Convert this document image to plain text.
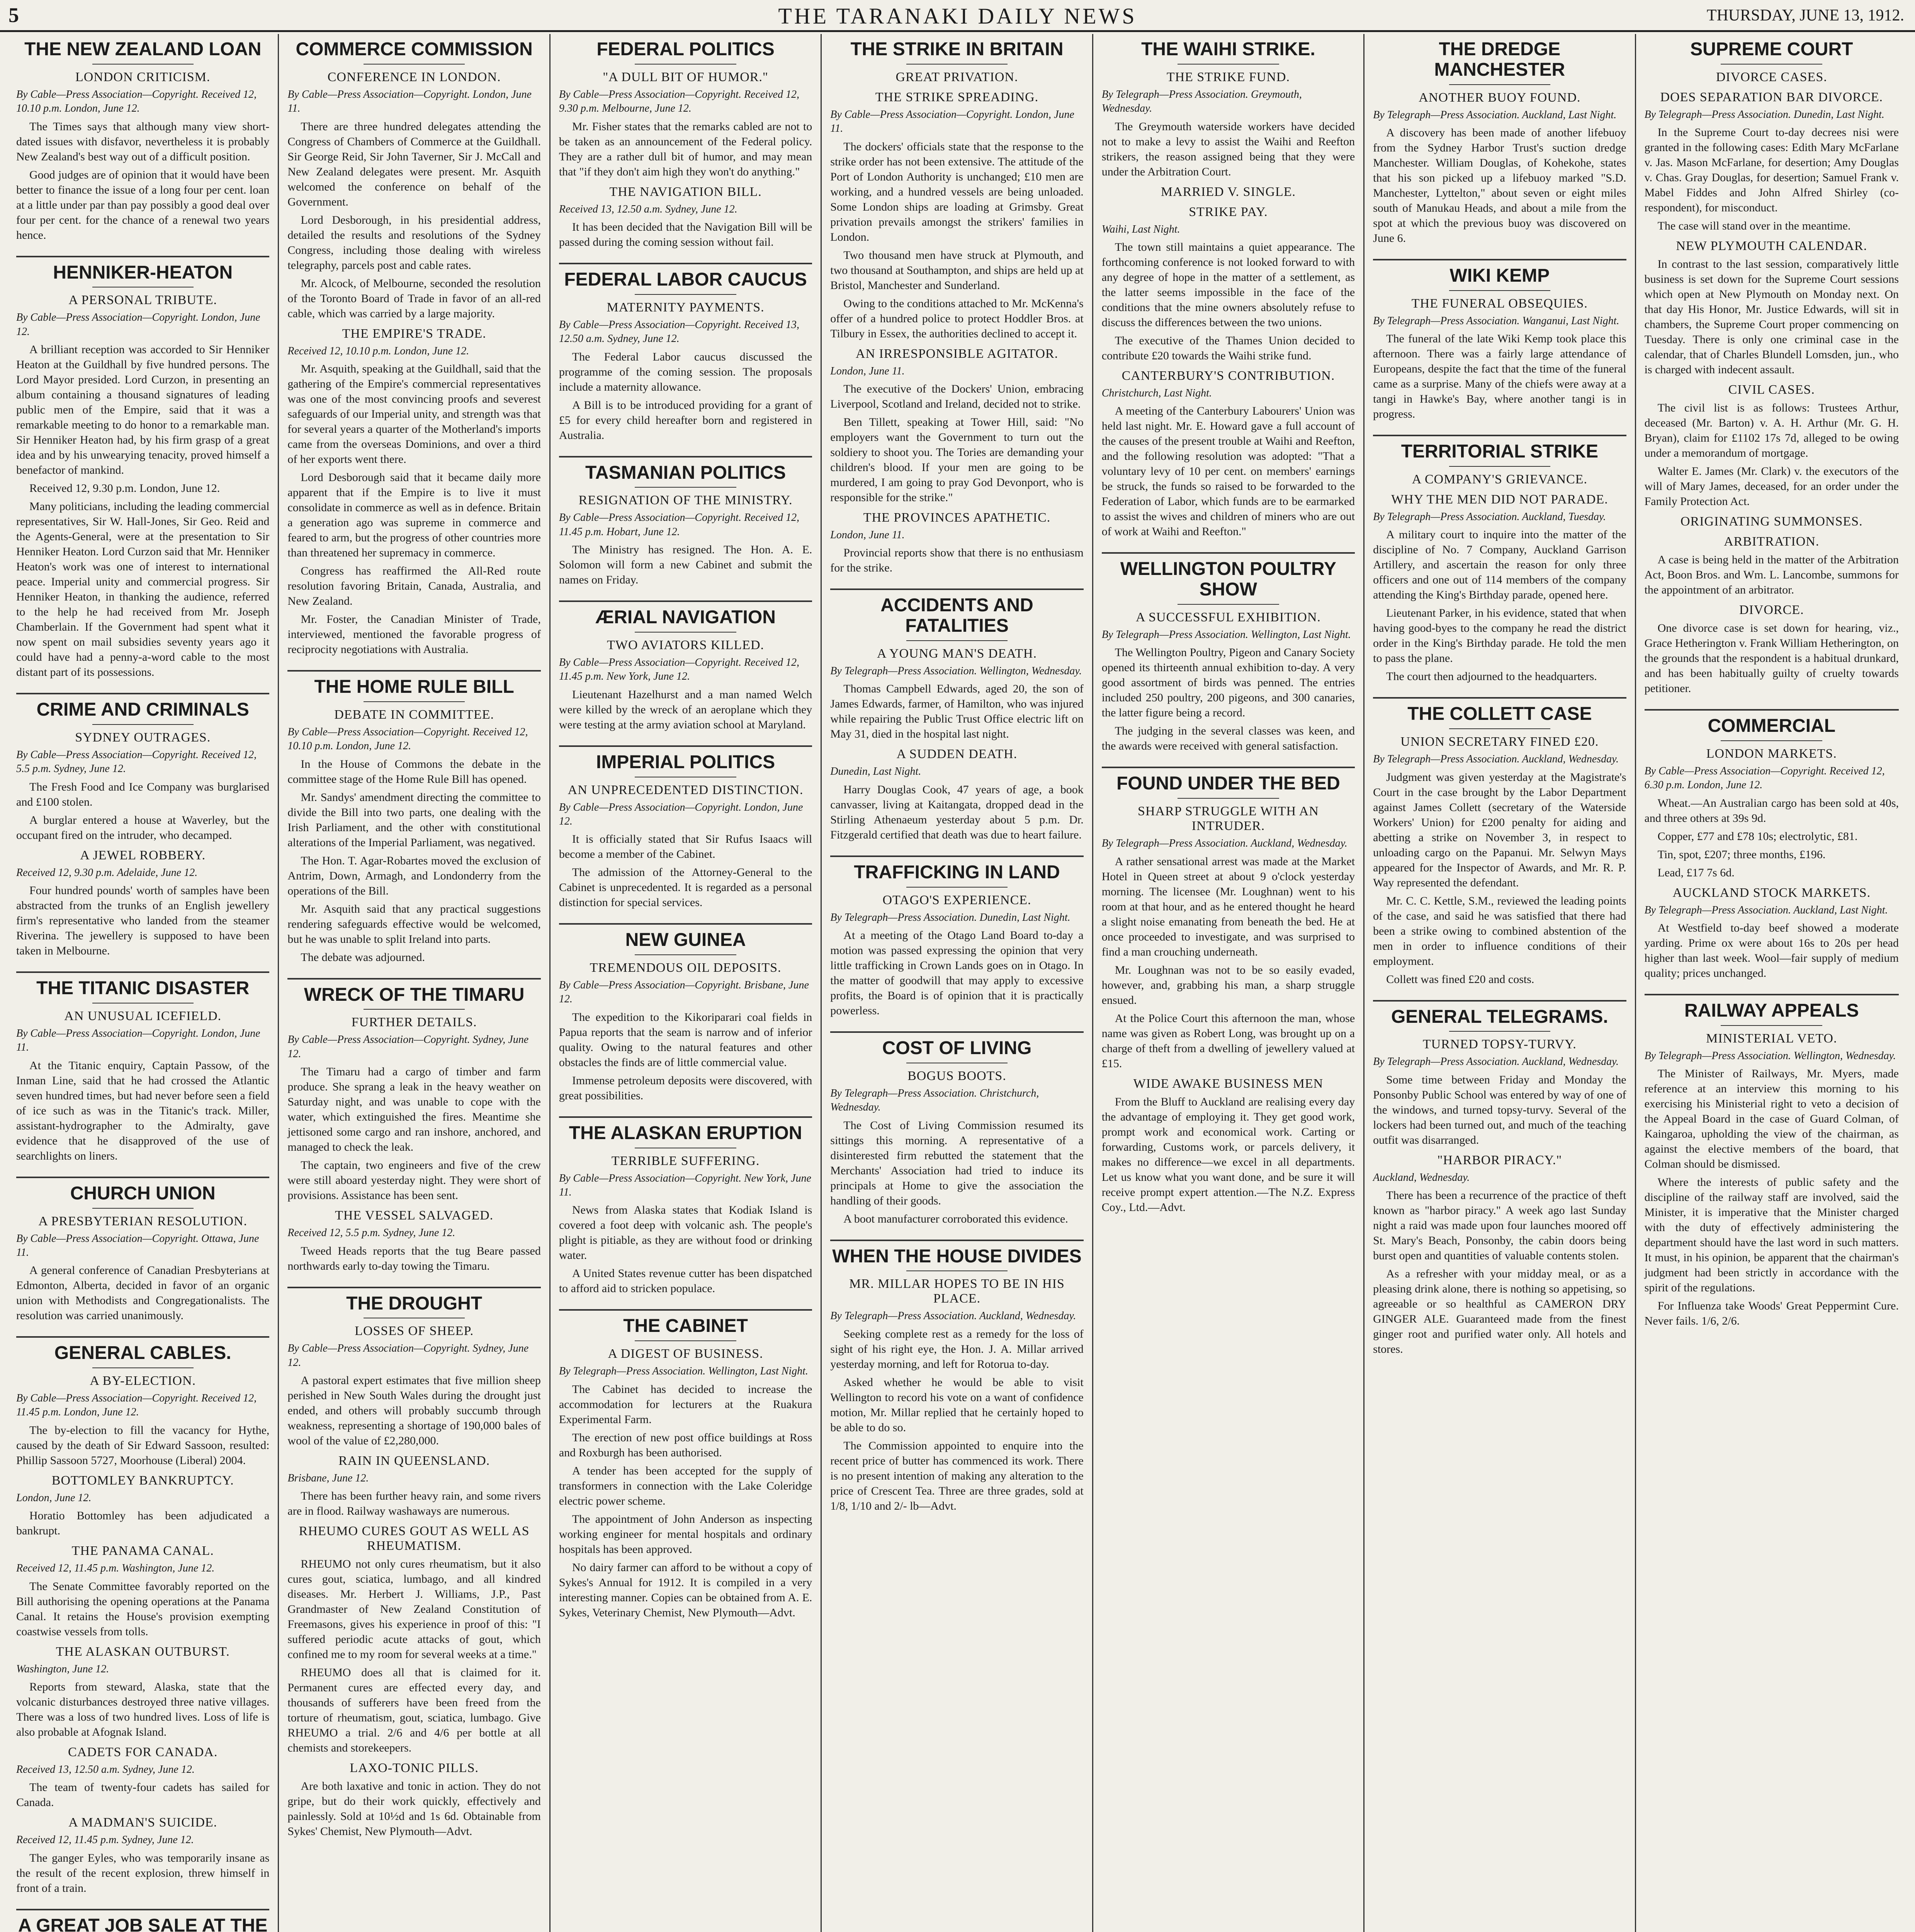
5	THE TARANAKI DAILY NEWS	THURSDAY, JUNE 13, 1912.
THE NEW ZEALAND LOAN
LONDON CRITICISM.

By Cable—Press Association—Copyright. Received 12, 10.10 p.m. London, June 12.

The Times says that although many view short-dated issues with disfavor, nevertheless it is probably New Zealand's best way out of a difficult position.

Good judges are of opinion that it would have been better to finance the issue of a long four per cent. loan at a little under par than pay possibly a good deal over four per cent. for the chance of a renewal two years hence.

HENNIKER-HEATON
A PERSONAL TRIBUTE.

By Cable—Press Association—Copyright. London, June 12.

A brilliant reception was accorded to Sir Henniker Heaton at the Guildhall by five hundred persons. The Lord Mayor presided. Lord Curzon, in presenting an album containing a thousand signatures of leading public men of the Empire, said that it was a remarkable meeting to do honor to a remarkable man. Sir Henniker Heaton had, by his firm grasp of a great idea and by his unwearying tenacity, proved himself a benefactor of mankind.

Received 12, 9.30 p.m. London, June 12.

Many politicians, including the leading commercial representatives, Sir W. Hall-Jones, Sir Geo. Reid and the Agents-General, were at the presentation to Sir Henniker Heaton. Lord Curzon said that Mr. Henniker Heaton's work was one of interest to international peace. Imperial unity and commercial progress. Sir Henniker Heaton, in thanking the audience, referred to the help he had received from Mr. Joseph Chamberlain. If the Government had spent what it now spent on mail subsidies seventy years ago it could have had a penny-a-word cable to the most distant part of its possessions.

CRIME AND CRIMINALS
SYDNEY OUTRAGES.

By Cable—Press Association—Copyright. Received 12, 5.5 p.m. Sydney, June 12.

The Fresh Food and Ice Company was burglarised and £100 stolen.

A burglar entered a house at Waverley, but the occupant fired on the intruder, who decamped.

A JEWEL ROBBERY.

Received 12, 9.30 p.m. Adelaide, June 12.

Four hundred pounds' worth of samples have been abstracted from the trunks of an English jewellery firm's representative who landed from the steamer Riverina. The jewellery is supposed to have been taken in Melbourne.

THE TITANIC DISASTER
AN UNUSUAL ICEFIELD.

By Cable—Press Association—Copyright. London, June 11.

At the Titanic enquiry, Captain Passow, of the Inman Line, said that he had crossed the Atlantic seven hundred times, but had never before seen a field of ice such as was in the Titanic's track. Miller, assistant-hydrographer to the Admiralty, gave evidence that he disapproved of the use of searchlights on liners.

CHURCH UNION
A PRESBYTERIAN RESOLUTION.

By Cable—Press Association—Copyright. Ottawa, June 11.

A general conference of Canadian Presbyterians at Edmonton, Alberta, decided in favor of an organic union with Methodists and Congregationalists. The resolution was carried unanimously.

GENERAL CABLES.
A BY-ELECTION.

By Cable—Press Association—Copyright. Received 12, 11.45 p.m. London, June 12.

The by-election to fill the vacancy for Hythe, caused by the death of Sir Edward Sassoon, resulted: Phillip Sassoon 5727, Moorhouse (Liberal) 2004.

BOTTOMLEY BANKRUPTCY.

London, June 12.

Horatio Bottomley has been adjudicated a bankrupt.

THE PANAMA CANAL.

Received 12, 11.45 p.m. Washington, June 12.

The Senate Committee favorably reported on the Bill authorising the opening operations at the Panama Canal. It retains the House's provision exempting coastwise vessels from tolls.

THE ALASKAN OUTBURST.

Washington, June 12.

Reports from steward, Alaska, state that the volcanic disturbances destroyed three native villages. There was a loss of two hundred lives. Loss of life is also probable at Afognak Island.

CADETS FOR CANADA.

Received 13, 12.50 a.m. Sydney, June 12.

The team of twenty-four cadets has sailed for Canada.

A MADMAN'S SUICIDE.

Received 12, 11.45 p.m. Sydney, June 12.

The ganger Eyles, who was temporarily insane as the result of the recent explosion, threw himself in front of a train.

A GREAT JOB SALE AT THE

COMMERCE COMMISSION
CONFERENCE IN LONDON.

By Cable—Press Association—Copyright. London, June 11.

There are three hundred delegates attending the Congress of Chambers of Commerce at the Guildhall. Sir George Reid, Sir John Taverner, Sir J. McCall and New Zealand delegates were present. Mr. Asquith welcomed the conference on behalf of the Government.

Lord Desborough, in his presidential address, detailed the results and resolutions of the Sydney Congress, including those dealing with wireless telegraphy, parcels post and cable rates.

Mr. Alcock, of Melbourne, seconded the resolution of the Toronto Board of Trade in favor of an all-red cable, which was carried by a large majority.

THE EMPIRE'S TRADE.

Received 12, 10.10 p.m. London, June 12.

Mr. Asquith, speaking at the Guildhall, said that the gathering of the Empire's commercial representatives was one of the most convincing proofs and severest safeguards of our Imperial unity, and strength was that for several years a quarter of the Motherland's imports came from the overseas Dominions, and over a third of her exports went there.

Lord Desborough said that it became daily more apparent that if the Empire is to live it must consolidate in commerce as well as in defence. Britain a generation ago was supreme in commerce and feared to arm, but the progress of other countries more than threatened her supremacy in commerce.

Congress has reaffirmed the All-Red route resolution favoring Britain, Canada, Australia, and New Zealand.

Mr. Foster, the Canadian Minister of Trade, interviewed, mentioned the favorable progress of reciprocity negotiations with Australia.

THE HOME RULE BILL
DEBATE IN COMMITTEE.

By Cable—Press Association—Copyright. Received 12, 10.10 p.m. London, June 12.

In the House of Commons the debate in the committee stage of the Home Rule Bill has opened.

Mr. Sandys' amendment directing the committee to divide the Bill into two parts, one dealing with the Irish Parliament, and the other with constitutional alterations of the Imperial Parliament, was negatived.

The Hon. T. Agar-Robartes moved the exclusion of Antrim, Down, Armagh, and Londonderry from the operations of the Bill.

Mr. Asquith said that any practical suggestions rendering safeguards effective would be welcomed, but he was unable to split Ireland into parts.

The debate was adjourned.

WRECK OF THE TIMARU
FURTHER DETAILS.

By Cable—Press Association—Copyright. Sydney, June 12.

The Timaru had a cargo of timber and farm produce. She sprang a leak in the heavy weather on Saturday night, and was unable to cope with the water, which extinguished the fires. Meantime she jettisoned some cargo and ran inshore, anchored, and managed to check the leak.

The captain, two engineers and five of the crew were still aboard yesterday night. They were short of provisions. Assistance has been sent.

THE VESSEL SALVAGED.

Received 12, 5.5 p.m. Sydney, June 12.

Tweed Heads reports that the tug Beare passed northwards early to-day towing the Timaru.

THE DROUGHT
LOSSES OF SHEEP.

By Cable—Press Association—Copyright. Sydney, June 12.

A pastoral expert estimates that five million sheep perished in New South Wales during the drought just ended, and others will probably succumb through weakness, representing a shortage of 190,000 bales of wool of the value of £2,280,000.

RAIN IN QUEENSLAND.

Brisbane, June 12.

There has been further heavy rain, and some rivers are in flood. Railway washaways are numerous.

RHEUMO CURES GOUT AS WELL AS RHEUMATISM.

RHEUMO not only cures rheumatism, but it also cures gout, sciatica, lumbago, and all kindred diseases. Mr. Herbert J. Williams, J.P., Past Grandmaster of New Zealand Constitution of Freemasons, gives his experience in proof of this: "I suffered periodic acute attacks of gout, which confined me to my room for several weeks at a time."

RHEUMO does all that is claimed for it. Permanent cures are effected every day, and thousands of sufferers have been freed from the torture of rheumatism, gout, sciatica, lumbago. Give RHEUMO a trial. 2/6 and 4/6 per bottle at all chemists and storekeepers.

LAXO-TONIC PILLS.

Are both laxative and tonic in action. They do not gripe, but do their work quickly, effectively and painlessly. Sold at 10½d and 1s 6d. Obtainable from Sykes' Chemist, New Plymouth—Advt.

FEDERAL POLITICS
"A DULL BIT OF HUMOR."

By Cable—Press Association—Copyright. Received 12, 9.30 p.m. Melbourne, June 12.

Mr. Fisher states that the remarks cabled are not to be taken as an announcement of the Federal policy. They are a rather dull bit of humor, and may mean that "if they don't aim high they won't do anything."

THE NAVIGATION BILL.

Received 13, 12.50 a.m. Sydney, June 12.

It has been decided that the Navigation Bill will be passed during the coming session without fail.

FEDERAL LABOR CAUCUS
MATERNITY PAYMENTS.

By Cable—Press Association—Copyright. Received 13, 12.50 a.m. Sydney, June 12.

The Federal Labor caucus discussed the programme of the coming session. The proposals include a maternity allowance.

A Bill is to be introduced providing for a grant of £5 for every child hereafter born and registered in Australia.

TASMANIAN POLITICS
RESIGNATION OF THE MINISTRY.

By Cable—Press Association—Copyright. Received 12, 11.45 p.m. Hobart, June 12.

The Ministry has resigned. The Hon. A. E. Solomon will form a new Cabinet and submit the names on Friday.

ÆRIAL NAVIGATION
TWO AVIATORS KILLED.

By Cable—Press Association—Copyright. Received 12, 11.45 p.m. New York, June 12.

Lieutenant Hazelhurst and a man named Welch were killed by the wreck of an aeroplane which they were testing at the army aviation school at Maryland.

IMPERIAL POLITICS
AN UNPRECEDENTED DISTINCTION.

By Cable—Press Association—Copyright. London, June 12.

It is officially stated that Sir Rufus Isaacs will become a member of the Cabinet.

The admission of the Attorney-General to the Cabinet is unprecedented. It is regarded as a personal distinction for special services.

NEW GUINEA
TREMENDOUS OIL DEPOSITS.

By Cable—Press Association—Copyright. Brisbane, June 12.

The expedition to the Kikoriparari coal fields in Papua reports that the seam is narrow and of inferior quality. Owing to the natural features and other obstacles the finds are of little commercial value.

Immense petroleum deposits were discovered, with great possibilities.

THE ALASKAN ERUPTION
TERRIBLE SUFFERING.

By Cable—Press Association—Copyright. New York, June 11.

News from Alaska states that Kodiak Island is covered a foot deep with volcanic ash. The people's plight is pitiable, as they are without food or drinking water.

A United States revenue cutter has been dispatched to afford aid to stricken populace.

THE CABINET
A DIGEST OF BUSINESS.

By Telegraph—Press Association. Wellington, Last Night.

The Cabinet has decided to increase the accommodation for lecturers at the Ruakura Experimental Farm.

The erection of new post office buildings at Ross and Roxburgh has been authorised.

A tender has been accepted for the supply of transformers in connection with the Lake Coleridge electric power scheme.

The appointment of John Anderson as inspecting working engineer for mental hospitals and ordinary hospitals has been approved.

No dairy farmer can afford to be without a copy of Sykes's Annual for 1912. It is compiled in a very interesting manner. Copies can be obtained from A. E. Sykes, Veterinary Chemist, New Plymouth—Advt.

THE STRIKE IN BRITAIN
GREAT PRIVATION.
THE STRIKE SPREADING.

By Cable—Press Association—Copyright. London, June 11.

The dockers' officials state that the response to the strike order has not been extensive. The attitude of the Port of London Authority is unchanged; £10 men are working, and a hundred vessels are being unloaded. Some London ships are loading at Grimsby. Great privation prevails amongst the strikers' families in London.

Two thousand men have struck at Plymouth, and two thousand at Southampton, and ships are held up at Bristol, Manchester and Sunderland.

Owing to the conditions attached to Mr. McKenna's offer of a hundred police to protect Hoddler Bros. at Tilbury in Essex, the authorities declined to accept it.

AN IRRESPONSIBLE AGITATOR.

London, June 11.

The executive of the Dockers' Union, embracing Liverpool, Scotland and Ireland, decided not to strike.

Ben Tillett, speaking at Tower Hill, said: "No employers want the Government to turn out the soldiery to shoot you. The Tories are demanding your children's blood. If your men are going to be murdered, I am going to pray God Devonport, who is responsible for the strike."

THE PROVINCES APATHETIC.

London, June 11.

Provincial reports show that there is no enthusiasm for the strike.

ACCIDENTS AND FATALITIES
A YOUNG MAN'S DEATH.

By Telegraph—Press Association. Wellington, Wednesday.

Thomas Campbell Edwards, aged 20, the son of James Edwards, farmer, of Hamilton, who was injured while repairing the Public Trust Office electric lift on May 31, died in the hospital last night.

A SUDDEN DEATH.

Dunedin, Last Night.

Harry Douglas Cook, 47 years of age, a book canvasser, living at Kaitangata, dropped dead in the Stirling Athenaeum yesterday about 5 p.m. Dr. Fitzgerald certified that death was due to heart failure.

TRAFFICKING IN LAND
OTAGO'S EXPERIENCE.

By Telegraph—Press Association. Dunedin, Last Night.

At a meeting of the Otago Land Board to-day a motion was passed expressing the opinion that very little trafficking in Crown Lands goes on in Otago. In the matter of goodwill that may apply to excessive profits, the Board is of opinion that it is practically powerless.

COST OF LIVING
BOGUS BOOTS.

By Telegraph—Press Association. Christchurch, Wednesday.

The Cost of Living Commission resumed its sittings this morning. A representative of a disinterested firm rebutted the statement that the Merchants' Association had tried to induce its principals at Home to give the association the handling of their goods.

A boot manufacturer corroborated this evidence.

WHEN THE HOUSE DIVIDES
MR. MILLAR HOPES TO BE IN HIS PLACE.

By Telegraph—Press Association. Auckland, Wednesday.

Seeking complete rest as a remedy for the loss of sight of his right eye, the Hon. J. A. Millar arrived yesterday morning, and left for Rotorua to-day.

Asked whether he would be able to visit Wellington to record his vote on a want of confidence motion, Mr. Millar replied that he certainly hoped to be able to do so.

The Commission appointed to enquire into the recent price of butter has commenced its work. There is no present intention of making any alteration to the price of Crescent Tea. Three are three grades, sold at 1/8, 1/10 and 2/- lb—Advt.

THE WAIHI STRIKE.
THE STRIKE FUND.

By Telegraph—Press Association. Greymouth, Wednesday.

The Greymouth waterside workers have decided not to make a levy to assist the Waihi and Reefton strikers, the reason assigned being that they were under the Arbitration Court.

MARRIED V. SINGLE.
STRIKE PAY.

Waihi, Last Night.

The town still maintains a quiet appearance. The forthcoming conference is not looked forward to with any degree of hope in the matter of a settlement, as the latter seems impossible in the face of the conditions that the mine owners absolutely refuse to discuss the differences between the two unions.

The executive of the Thames Union decided to contribute £20 towards the Waihi strike fund.

CANTERBURY'S CONTRIBUTION.

Christchurch, Last Night.

A meeting of the Canterbury Labourers' Union was held last night. Mr. E. Howard gave a full account of the causes of the present trouble at Waihi and Reefton, and the following resolution was adopted: "That a voluntary levy of 10 per cent. on members' earnings be struck, the funds so raised to be forwarded to the Federation of Labor, which funds are to be earmarked to assist the wives and children of miners who are out of work at Waihi and Reefton."

WELLINGTON POULTRY SHOW
A SUCCESSFUL EXHIBITION.

By Telegraph—Press Association. Wellington, Last Night.

The Wellington Poultry, Pigeon and Canary Society opened its thirteenth annual exhibition to-day. A very good assortment of birds was penned. The entries included 250 poultry, 200 pigeons, and 300 canaries, the latter figure being a record.

The judging in the several classes was keen, and the awards were received with general satisfaction.

FOUND UNDER THE BED
SHARP STRUGGLE WITH AN INTRUDER.

By Telegraph—Press Association. Auckland, Wednesday.

A rather sensational arrest was made at the Market Hotel in Queen street at about 9 o'clock yesterday morning. The licensee (Mr. Loughnan) went to his room at that hour, and as he entered thought he heard a slight noise emanating from beneath the bed. He at once proceeded to investigate, and was surprised to find a man crouching underneath.

Mr. Loughnan was not to be so easily evaded, however, and, grabbing his man, a sharp struggle ensued.

At the Police Court this afternoon the man, whose name was given as Robert Long, was brought up on a charge of theft from a dwelling of jewellery valued at £15.

WIDE AWAKE BUSINESS MEN

From the Bluff to Auckland are realising every day the advantage of employing it. They get good work, prompt work and economical work. Carting or forwarding, Customs work, or parcels delivery, it makes no difference—we excel in all departments. Let us know what you want done, and be sure it will receive prompt expert attention.—The N.Z. Express Coy., Ltd.—Advt.

THE DREDGE MANCHESTER
ANOTHER BUOY FOUND.

By Telegraph—Press Association. Auckland, Last Night.

A discovery has been made of another lifebuoy from the Sydney Harbor Trust's suction dredge Manchester. William Douglas, of Kohekohe, states that his son picked up a lifebuoy marked "S.D. Manchester, Lyttelton," about seven or eight miles south of Manukau Heads, and about a mile from the spot at which the previous buoy was discovered on June 6.

WIKI KEMP
THE FUNERAL OBSEQUIES.

By Telegraph—Press Association. Wanganui, Last Night.

The funeral of the late Wiki Kemp took place this afternoon. There was a fairly large attendance of Europeans, despite the fact that the time of the funeral came as a surprise. Many of the chiefs were away at a tangi in Hawke's Bay, where another tangi is in progress.

TERRITORIAL STRIKE
A COMPANY'S GRIEVANCE.
WHY THE MEN DID NOT PARADE.

By Telegraph—Press Association. Auckland, Tuesday.

A military court to inquire into the matter of the discipline of No. 7 Company, Auckland Garrison Artillery, and ascertain the reason for only three officers and one out of 114 members of the company attending the King's Birthday parade, opened here.

Lieutenant Parker, in his evidence, stated that when having good-byes to the company he read the district order in the King's Birthday parade. He told the men to pass the plane.

The court then adjourned to the headquarters.

THE COLLETT CASE
UNION SECRETARY FINED £20.

By Telegraph—Press Association. Auckland, Wednesday.

Judgment was given yesterday at the Magistrate's Court in the case brought by the Labor Department against James Collett (secretary of the Waterside Workers' Union) for £200 penalty for aiding and abetting a strike on November 3, in respect to unloading cargo on the Papanui. Mr. Selwyn Mays appeared for the Inspector of Awards, and Mr. R. P. Way represented the defendant.

Mr. C. C. Kettle, S.M., reviewed the leading points of the case, and said he was satisfied that there had been a strike owing to combined abstention of the men in order to influence conditions of their employment.

Collett was fined £20 and costs.

GENERAL TELEGRAMS.
TURNED TOPSY-TURVY.

By Telegraph—Press Association. Auckland, Wednesday.

Some time between Friday and Monday the Ponsonby Public School was entered by way of one of the windows, and turned topsy-turvy. Several of the lockers had been turned out, and much of the teaching outfit was disarranged.

"HARBOR PIRACY."

Auckland, Wednesday.

There has been a recurrence of the practice of theft known as "harbor piracy." A week ago last Sunday night a raid was made upon four launches moored off St. Mary's Beach, Ponsonby, the cabin doors being burst open and quantities of valuable contents stolen.

As a refresher with your midday meal, or as a pleasing drink alone, there is nothing so appetising, so agreeable or so healthful as CAMERON DRY GINGER ALE. Guaranteed made from the finest ginger root and purified water only. All hotels and stores.

SUPREME COURT
DIVORCE CASES.
DOES SEPARATION BAR DIVORCE.

By Telegraph—Press Association. Dunedin, Last Night.

In the Supreme Court to-day decrees nisi were granted in the following cases: Edith Mary McFarlane v. Jas. Mason McFarlane, for desertion; Amy Douglas v. Chas. Gray Douglas, for desertion; Samuel Frank v. Mabel Fiddes and John Alfred Shirley (co-respondent), for misconduct.

The case will stand over in the meantime.

NEW PLYMOUTH CALENDAR.

In contrast to the last session, comparatively little business is set down for the Supreme Court sessions which open at New Plymouth on Monday next. On that day His Honor, Mr. Justice Edwards, will sit in chambers, the Supreme Court proper commencing on Tuesday. There is only one criminal case in the calendar, that of Charles Blundell Lomsden, jun., who is charged with indecent assault.

CIVIL CASES.

The civil list is as follows: Trustees Arthur, deceased (Mr. Barton) v. A. H. Arthur (Mr. G. H. Bryan), claim for £1102 17s 7d, alleged to be owing under a memorandum of mortgage.

Walter E. James (Mr. Clark) v. the executors of the will of Mary James, deceased, for an order under the Family Protection Act.

ORIGINATING SUMMONSES.
ARBITRATION.

A case is being held in the matter of the Arbitration Act, Boon Bros. and Wm. L. Lancombe, summons for the appointment of an arbitrator.

DIVORCE.

One divorce case is set down for hearing, viz., Grace Hetherington v. Frank William Hetherington, on the grounds that the respondent is a habitual drunkard, and has been habitually guilty of cruelty towards petitioner.

COMMERCIAL
LONDON MARKETS.

By Cable—Press Association—Copyright. Received 12, 6.30 p.m. London, June 12.

Wheat.—An Australian cargo has been sold at 40s, and three others at 39s 9d.

Copper, £77 and £78 10s; electrolytic, £81.

Tin, spot, £207; three months, £196.

Lead, £17 7s 6d.

AUCKLAND STOCK MARKETS.

By Telegraph—Press Association. Auckland, Last Night.

At Westfield to-day beef showed a moderate yarding. Prime ox were about 16s to 20s per head higher than last week. Wool—fair supply of medium quality; prices unchanged.

RAILWAY APPEALS
MINISTERIAL VETO.

By Telegraph—Press Association. Wellington, Wednesday.

The Minister of Railways, Mr. Myers, made reference at an interview this morning to his exercising his Ministerial right to veto a decision of the Appeal Board in the case of Guard Colman, of Kaingaroa, upholding the view of the chairman, as against the elective members of the board, that Colman should be dismissed.

Where the interests of public safety and the discipline of the railway staff are involved, said the Minister, it is imperative that the Minister charged with the duty of effectively administering the department should have the last word in such matters. It must, in his opinion, be apparent that the chairman's judgment had been strictly in accordance with the spirit of the regulations.

For Influenza take Woods' Great Peppermint Cure. Never fails. 1/6, 2/6.
